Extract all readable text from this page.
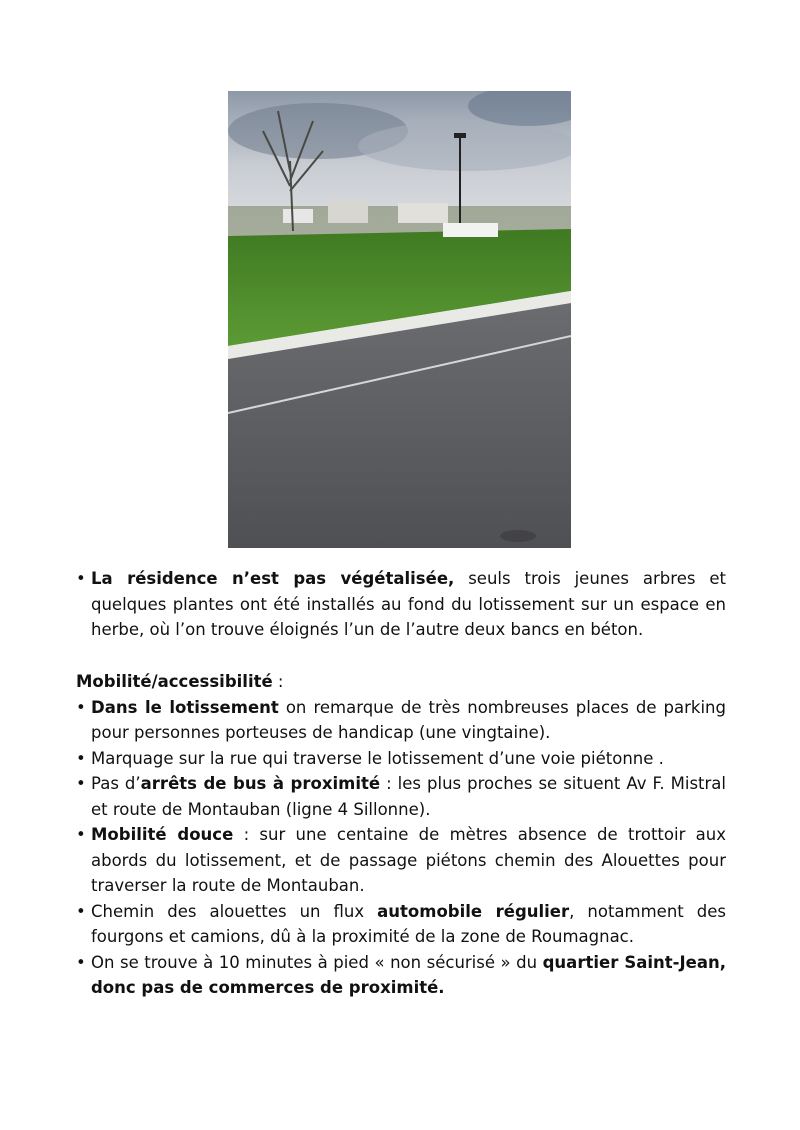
• La résidence n’est pas végétalisée, seuls trois jeunes arbres et quelques plantes ont été installés au fond du lotissement sur un espace en herbe, où l’on trouve éloignés l’un de l’autre deux bancs en béton.

Mobilité/accessibilité :

• Dans le lotissement on remarque de très nombreuses places de parking pour personnes porteuses de handicap (une vingtaine).
• Marquage sur la rue qui traverse le lotissement d’une voie piétonne .
• Pas d’arrêts de bus à proximité : les plus proches se situent Av F. Mistral et route de Montauban (ligne 4 Sillonne).
• Mobilité douce : sur une centaine de mètres absence de trottoir aux abords du lotissement, et de passage piétons chemin des Alouettes pour traverser la route de Montauban.
• Chemin des alouettes un flux automobile régulier, notamment des fourgons et camions, dû à la proximité de la zone de Roumagnac.
• On se trouve à 10 minutes à pied « non sécurisé » du quartier Saint-Jean, donc pas de commerces de proximité.
